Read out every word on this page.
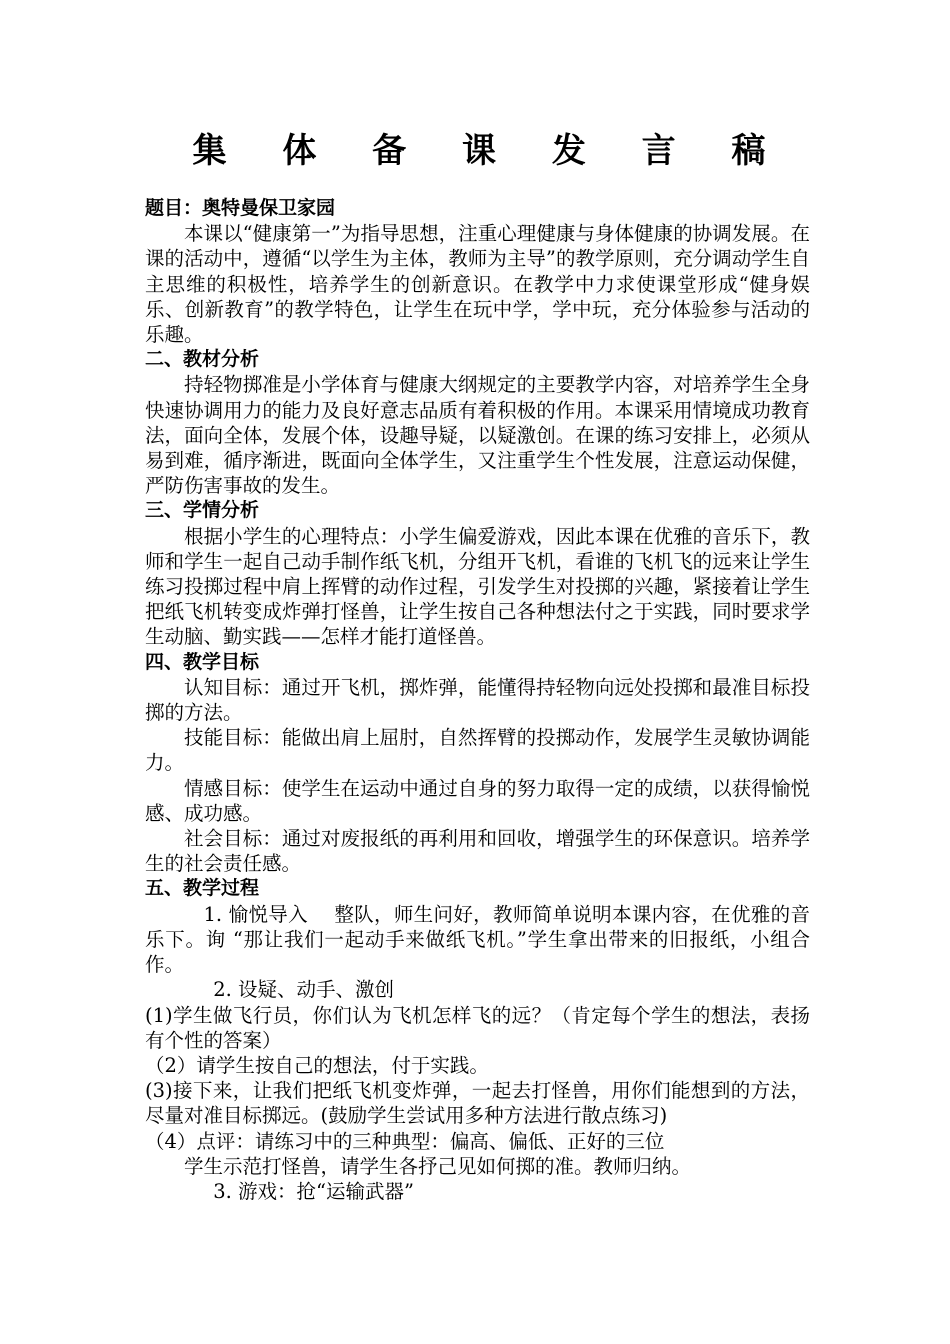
集 体 备 课 发 言 稿
题目：奥特曼保卫家园
本课以“健康第一”为指导思想，注重心理健康与身体健康的协调发展。在课的活动中，遵循“以学生为主体，教师为主导”的教学原则，充分调动学生自主思维的积极性，培养学生的创新意识。在教学中力求使课堂形成“健身娱乐、创新教育”的教学特色，让学生在玩中学，学中玩，充分体验参与活动的乐趣。
二、教材分析
持轻物掷准是小学体育与健康大纲规定的主要教学内容，对培养学生全身快速协调用力的能力及良好意志品质有着积极的作用。本课采用情境成功教育法，面向全体，发展个体，设趣导疑，以疑激创。在课的练习安排上，必须从易到难，循序渐进，既面向全体学生，又注重学生个性发展，注意运动保健，严防伤害事故的发生。
三、学情分析
根据小学生的心理特点：小学生偏爱游戏，因此本课在优雅的音乐下，教师和学生一起自己动手制作纸飞机，分组开飞机，看谁的飞机飞的远来让学生练习投掷过程中肩上挥臂的动作过程，引发学生对投掷的兴趣，紧接着让学生把纸飞机转变成炸弹打怪兽，让学生按自己各种想法付之于实践，同时要求学生动脑、勤实践——怎样才能打道怪兽。
四、教学目标
认知目标：通过开飞机，掷炸弹，能懂得持轻物向远处投掷和最准目标投掷的方法。
技能目标：能做出肩上屈肘，自然挥臂的投掷动作，发展学生灵敏协调能力。
情感目标：使学生在运动中通过自身的努力取得一定的成绩，以获得愉悦感、成功感。
社会目标：通过对废报纸的再利用和回收，增强学生的环保意识。培养学生的社会责任感。
五、教学过程
1. 愉悦导入　 整队，师生问好，教师简单说明本课内容，在优雅的音乐下。询 “那让我们一起动手来做纸飞机。”学生拿出带来的旧报纸，小组合作。
2. 设疑、动手、激创
(1)学生做飞行员，你们认为飞机怎样飞的远？（肯定每个学生的想法，表扬有个性的答案）
（2）请学生按自己的想法，付于实践。
(3)接下来，让我们把纸飞机变炸弹，一起去打怪兽，用你们能想到的方法，尽量对准目标掷远。(鼓励学生尝试用多种方法进行散点练习)
（4）点评：请练习中的三种典型：偏高、偏低、正好的三位
学生示范打怪兽，请学生各抒己见如何掷的准。教师归纳。
3. 游戏：抢“运输武器”
